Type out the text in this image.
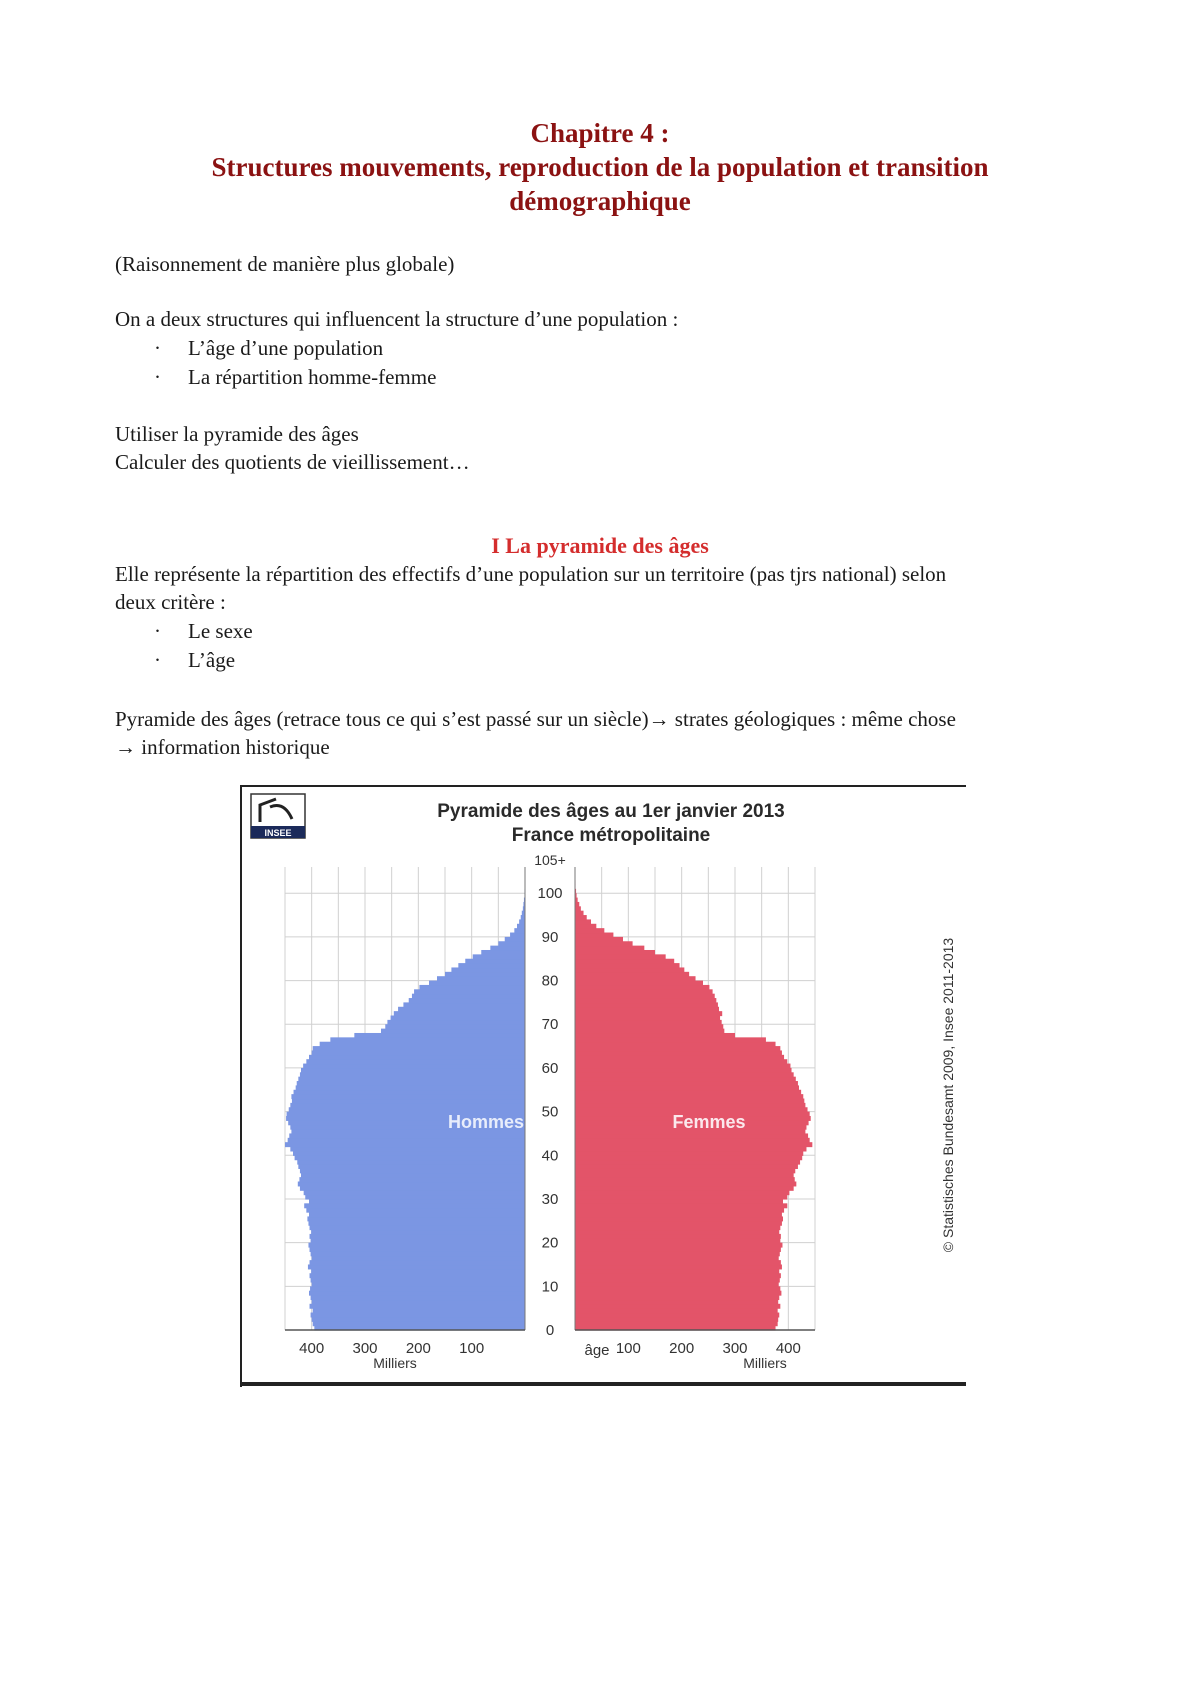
Chapitre 4 :
Structures mouvements, reproduction de la population et transition
démographique
(Raisonnement de manière plus globale)
On a deux structures qui influencent la structure d’une population :
· L’âge d’une population
· La répartition homme-femme
Utiliser la pyramide des âges
Calculer des quotients de vieillissement…
I La pyramide des âges
Elle représente la répartition des effectifs d’une population sur un territoire (pas tjrs national) selon
deux critère :
· Le sexe
· L’âge
Pyramide des âges (retrace tous ce qui s’est passé sur un siècle)→ strates géologiques : même chose
→ information historique
INSEE
Pyramide des âges au 1er janvier 2013
France métropolitaine
0
10
20
30
40
50
60
70
80
90
100
105+
400 300 200 100	100 200 300 400
Milliers	Milliers
âge
© Statistisches Bundesamt 2009, Insee 2011-2013
Hommes	Femmes
